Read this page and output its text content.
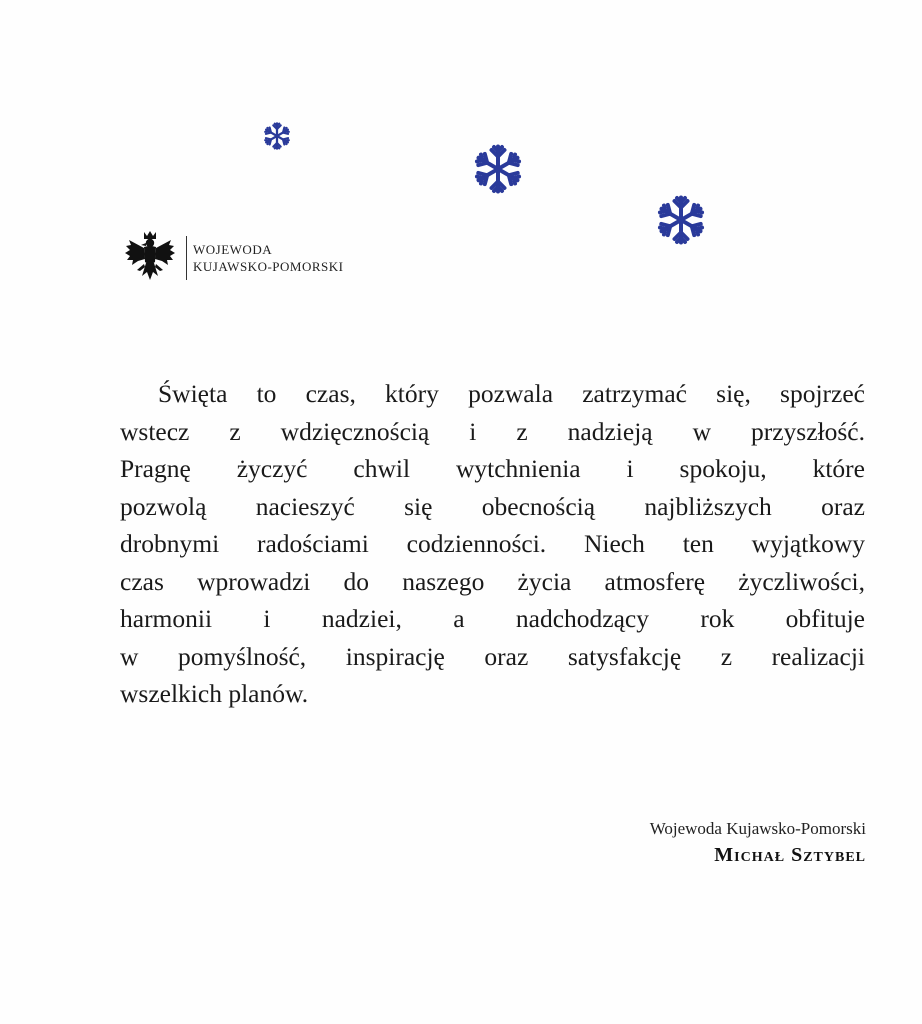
WOJEWODA
KUJAWSKO-POMORSKI
Święta to czas, który pozwala zatrzymać się, spojrzeć
wstecz z wdzięcznością i z nadzieją w przyszłość.
Pragnę życzyć chwil wytchnienia i spokoju, które
pozwolą nacieszyć się obecnością najbliższych oraz
drobnymi radościami codzienności. Niech ten wyjątkowy
czas wprowadzi do naszego życia atmosferę życzliwości,
harmonii i nadziei, a nadchodzący rok obfituje
w pomyślność, inspirację oraz satysfakcję z realizacji
wszelkich planów.
Wojewoda Kujawsko-Pomorski
Michał Sztybel
